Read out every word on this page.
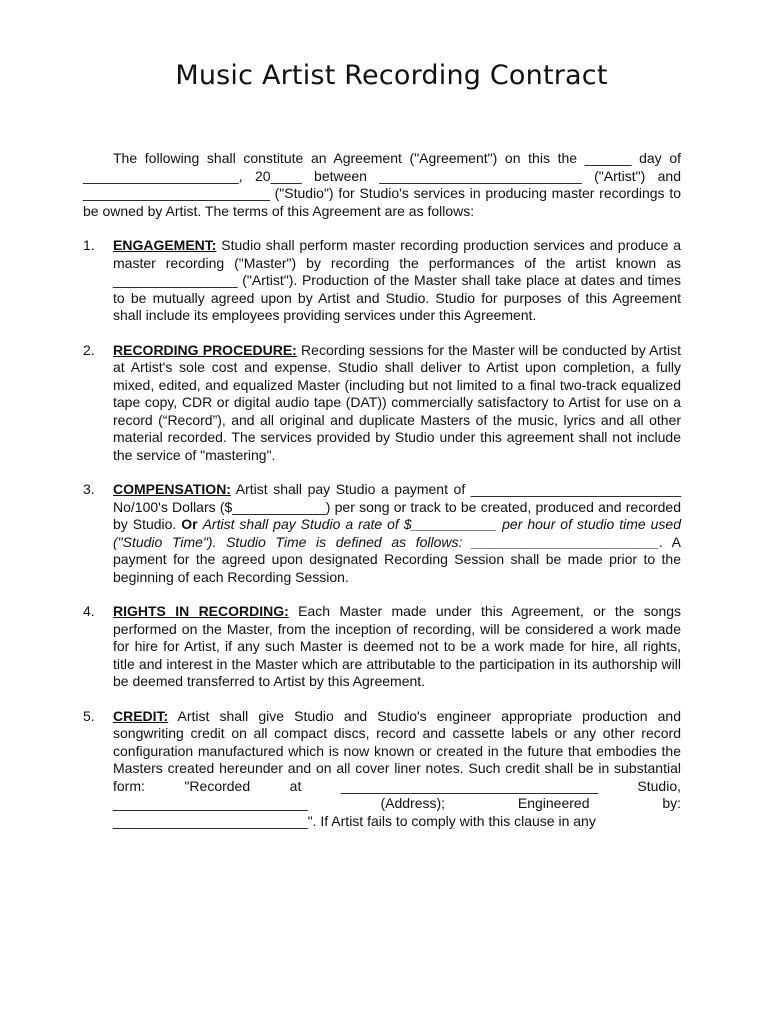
Music Artist Recording Contract
The following shall constitute an Agreement ("Agreement") on this the ______ day of ____________________, 20____ between __________________________ ("Artist") and ________________________ ("Studio") for Studio's services in producing master recordings to be owned by Artist. The terms of this Agreement are as follows:
1.	ENGAGEMENT: Studio shall perform master recording production services and produce a master recording ("Master") by recording the performances of the artist known as ________________ ("Artist"). Production of the Master shall take place at dates and times to be mutually agreed upon by Artist and Studio. Studio for purposes of this Agreement shall include its employees providing services under this Agreement.
2.	RECORDING PROCEDURE: Recording sessions for the Master will be conducted by Artist at Artist's sole cost and expense. Studio shall deliver to Artist upon completion, a fully mixed, edited, and equalized Master (including but not limited to a final two-track equalized tape copy, CDR or digital audio tape (DAT)) commercially satisfactory to Artist for use on a record (“Record”), and all original and duplicate Masters of the music, lyrics and all other material recorded. The services provided by Studio under this agreement shall not include the service of "mastering".
3.	COMPENSATION: Artist shall pay Studio a payment of ___________________________ No/100's Dollars ($____________) per song or track to be created, produced and recorded by Studio. Or Artist shall pay Studio a rate of $___________ per hour of studio time used ("Studio Time"). Studio Time is defined as follows: ________________________. A payment for the agreed upon designated Recording Session shall be made prior to the beginning of each Recording Session.
4.	RIGHTS IN RECORDING: Each Master made under this Agreement, or the songs performed on the Master, from the inception of recording, will be considered a work made for hire for Artist, if any such Master is deemed not to be a work made for hire, all rights, title and interest in the Master which are attributable to the participation in its authorship will be deemed transferred to Artist by this Agreement.
5.	CREDIT: Artist shall give Studio and Studio's engineer appropriate production and songwriting credit on all compact discs, record and cassette labels or any other record configuration manufactured which is now known or created in the future that embodies the Masters created hereunder and on all cover liner notes. Such credit shall be in substantial form: "Recorded at _________________________________ Studio, _________________________ (Address); Engineered by: _________________________". If Artist fails to comply with this clause in any
